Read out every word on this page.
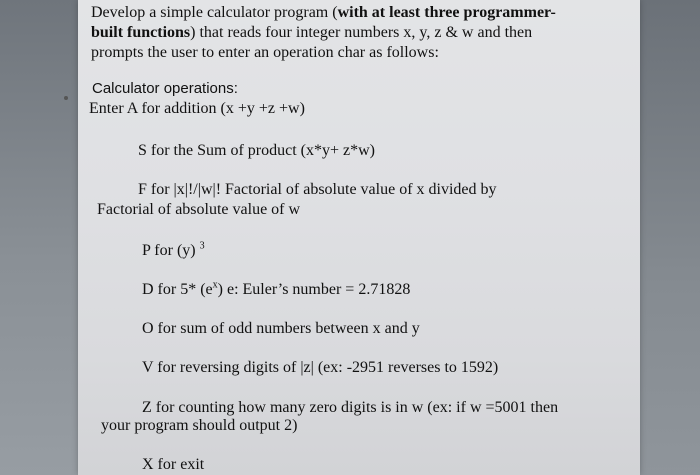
Develop a simple calculator program (with at least three programmer-
built functions) that reads four integer numbers x, y, z & w and then
prompts the user to enter an operation char as follows:
Calculator operations:
Enter A for addition (x +y +z +w)
S for the Sum of product (x*y+ z*w)
F for |x|!/|w|! Factorial of absolute value of x divided by
Factorial of absolute value of w
P for (y) $^3$
D for 5* $(e^x)$ e: Euler’s number = 2.71828
O for sum of odd numbers between x and y
V for reversing digits of |z| (ex: -2951 reverses to 1592)
Z for counting how many zero digits is in w (ex: if w =5001 then
your program should output 2)
X for exit
